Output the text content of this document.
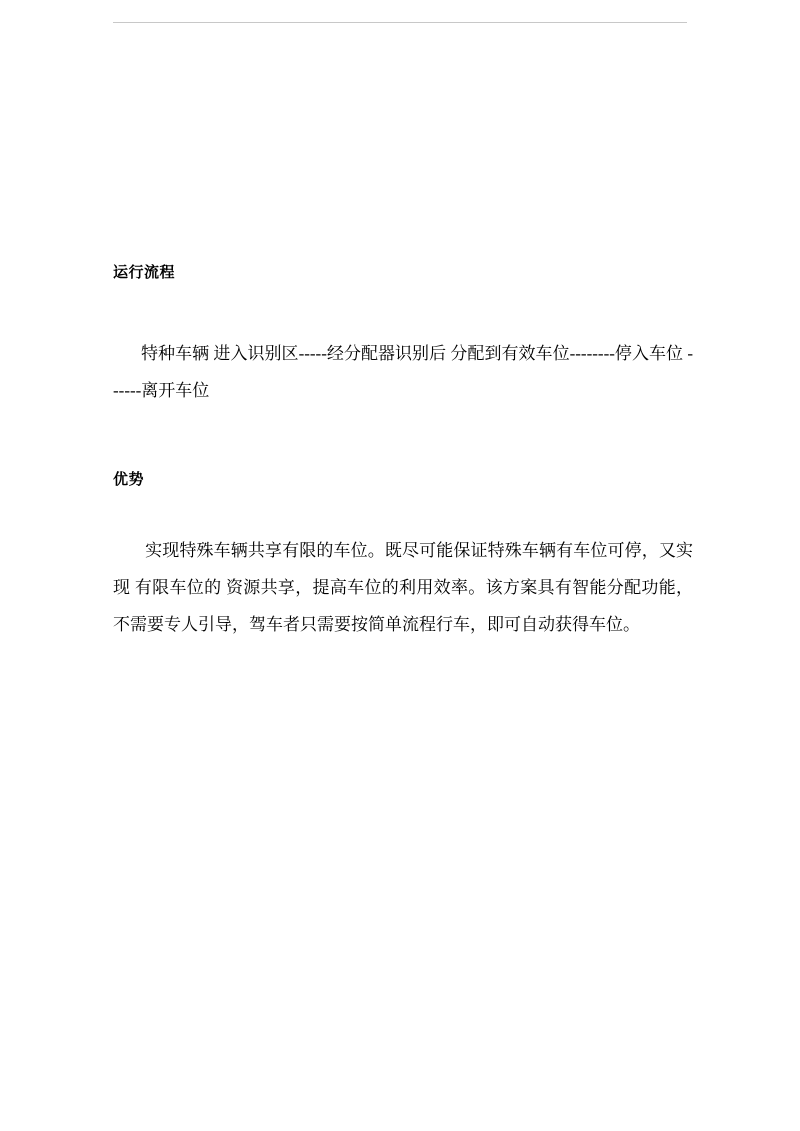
运行流程

特种车辆 进入识别区-----经分配器识别后 分配到有效车位--------停入车位 ------离开车位

优势

实现特殊车辆共享有限的车位。既尽可能保证特殊车辆有车位可停，又实现 有限车位的 资源共享，提高车位的利用效率。该方案具有智能分配功能，不需要专人引导，驾车者只需要按简单流程行车，即可自动获得车位。
